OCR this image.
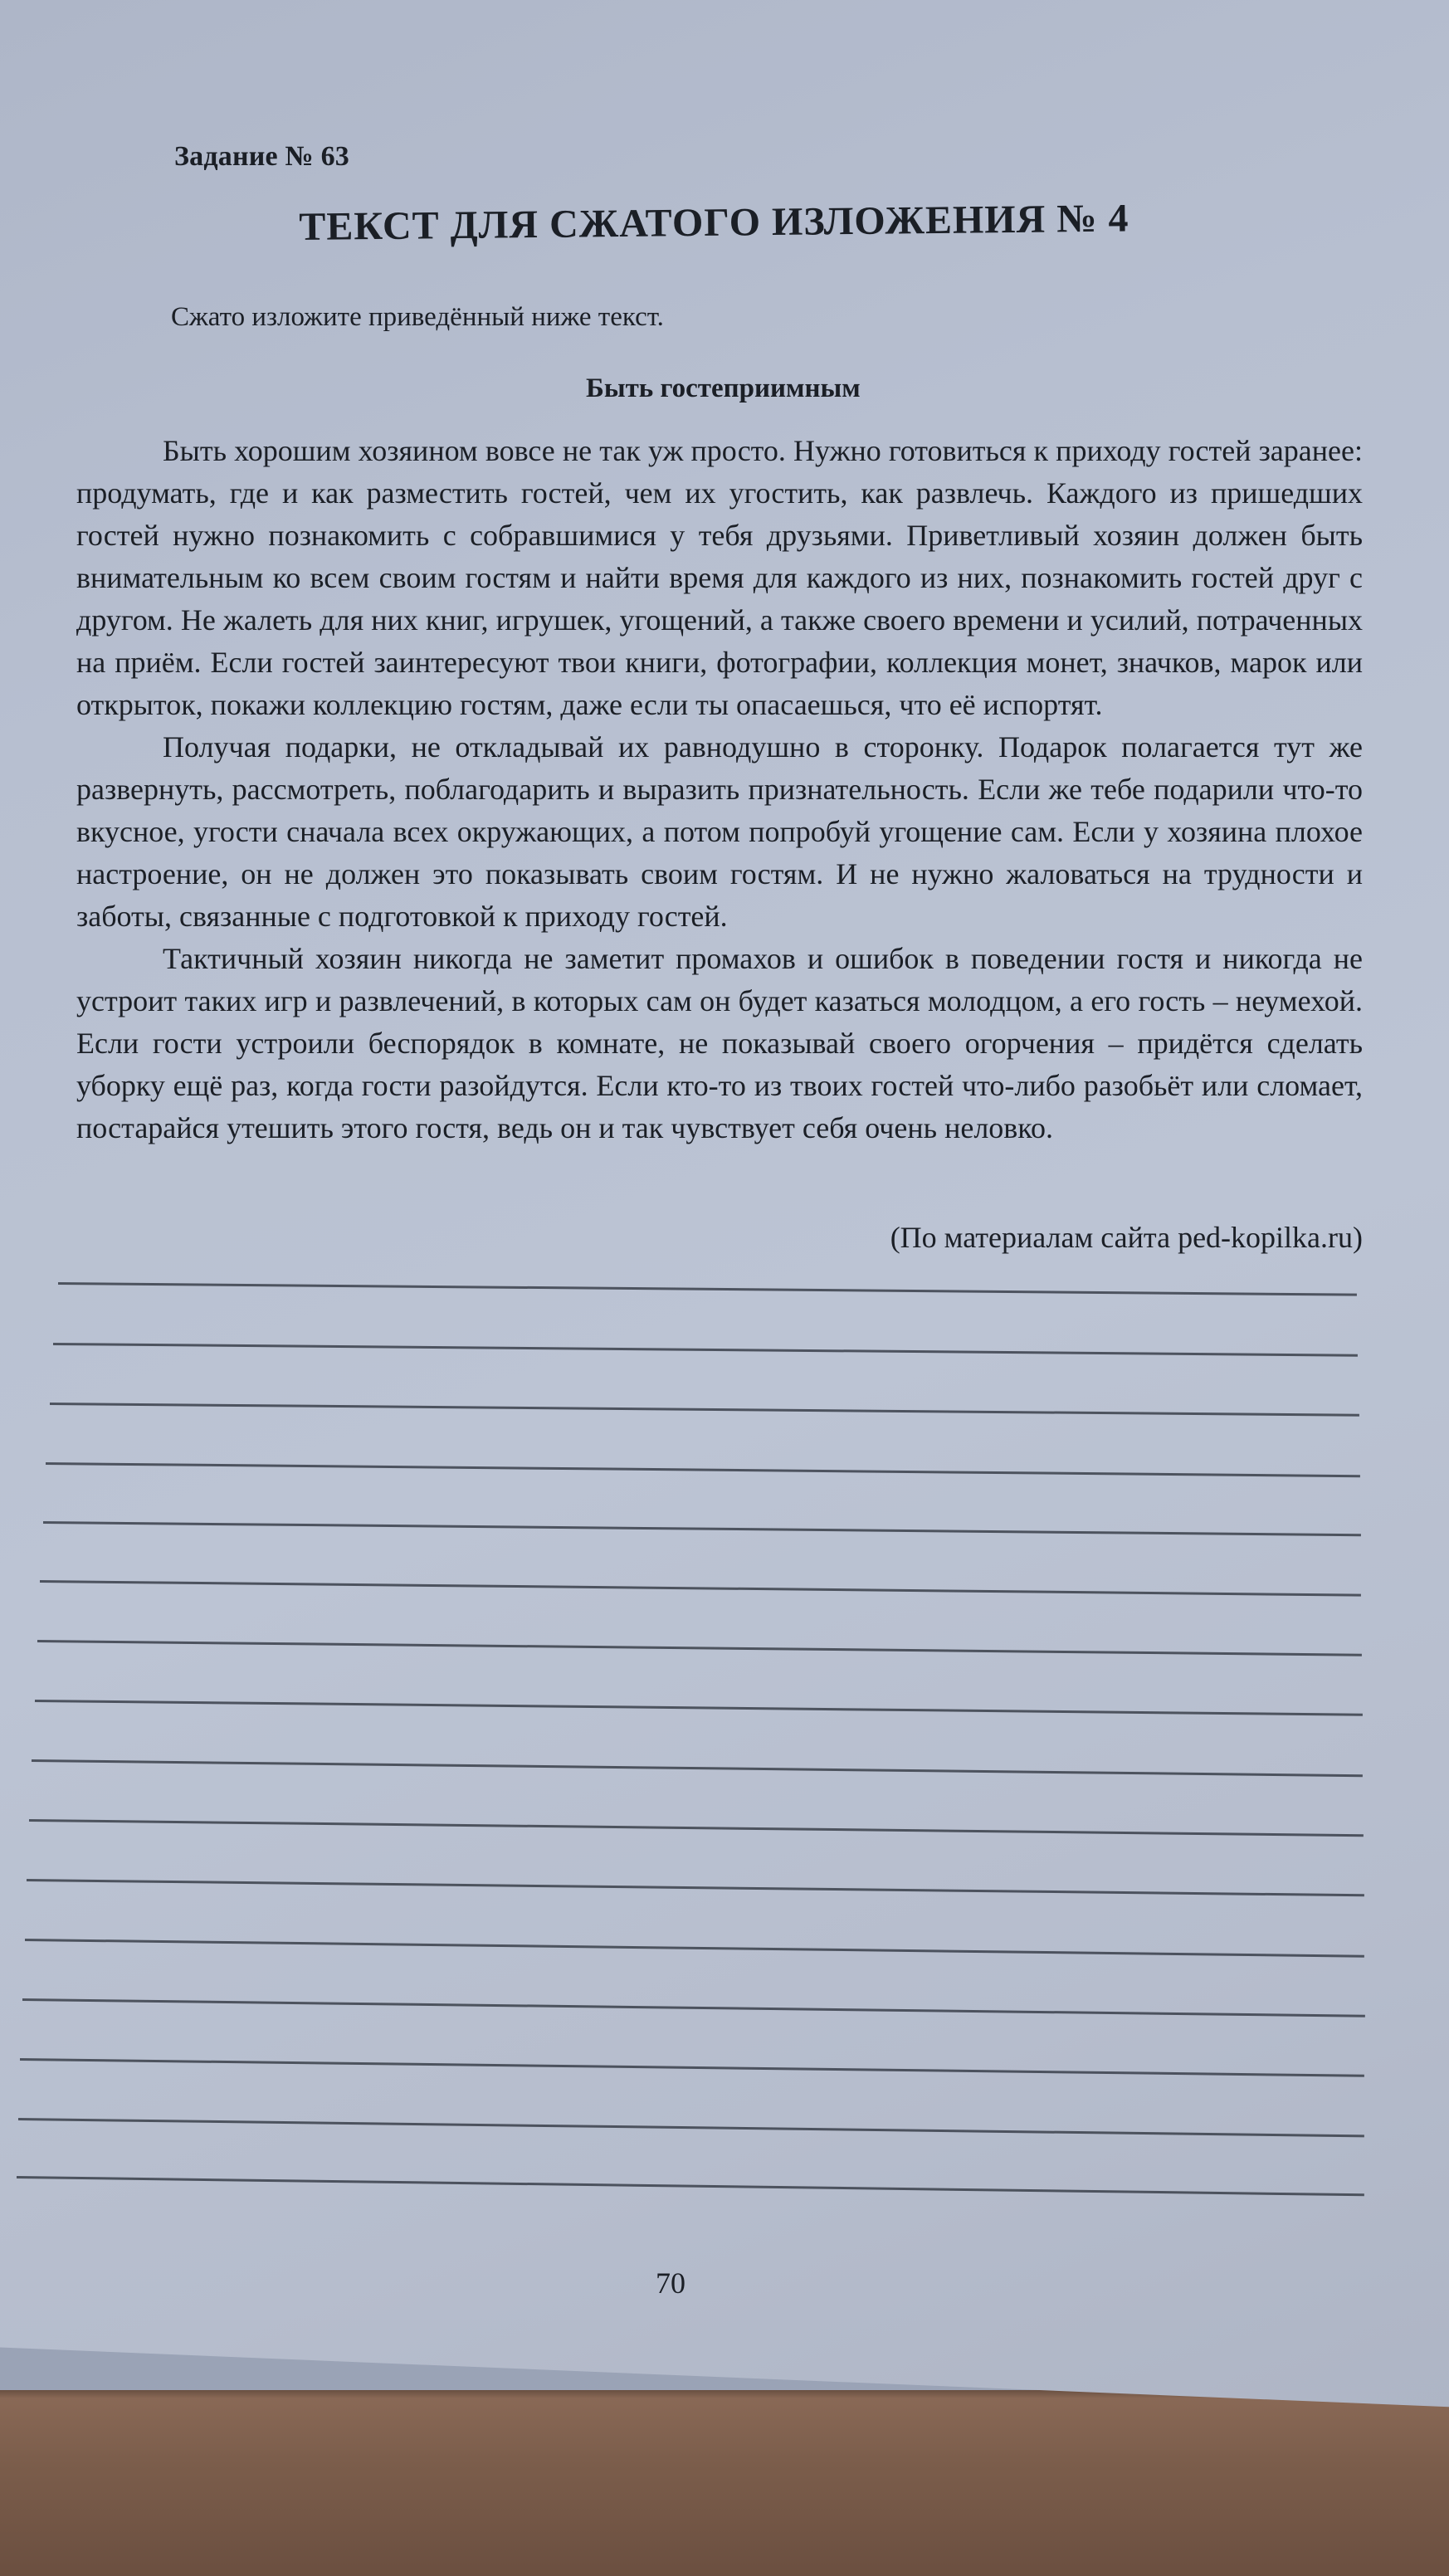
Задание № 63
ТЕКСТ ДЛЯ СЖАТОГО ИЗЛОЖЕНИЯ № 4
Сжато изложите приведённый ниже текст.
Быть гостеприимным

Быть хорошим хозяином вовсе не так уж просто. Нужно готовиться к приходу гостей заранее: продумать, где и как разместить гостей, чем их угостить, как развлечь. Каждого из пришедших гостей нужно познакомить с собравшимися у тебя друзьями. Приветливый хозяин должен быть внимательным ко всем своим гостям и найти время для каждого из них, познакомить гостей друг с другом. Не жалеть для них книг, игрушек, угощений, а также своего времени и усилий, потраченных на приём. Если гостей заинтересуют твои книги, фотографии, коллекция монет, значков, марок или открыток, покажи коллекцию гостям, даже если ты опасаешься, что её испортят.

Получая подарки, не откладывай их равнодушно в сторонку. Подарок полагается тут же развернуть, рассмотреть, поблагодарить и выразить признательность. Если же тебе подарили что-то вкусное, угости сначала всех окружающих, а потом попробуй угощение сам. Если у хозяина плохое настроение, он не должен это показывать своим гостям. И не нужно жаловаться на трудности и заботы, связанные с подготовкой к приходу гостей.

Тактичный хозяин никогда не заметит промахов и ошибок в поведении гостя и никогда не устроит таких игр и развлечений, в которых сам он будет казаться молодцом, а его гость – неумехой. Если гости устроили беспорядок в комнате, не показывай своего огорчения – придётся сделать уборку ещё раз, когда гости разойдутся. Если кто-то из твоих гостей что-либо разобьёт или сломает, постарайся утешить этого гостя, ведь он и так чувствует себя очень неловко.

(По материалам сайта ped-kopilka.ru)
70
